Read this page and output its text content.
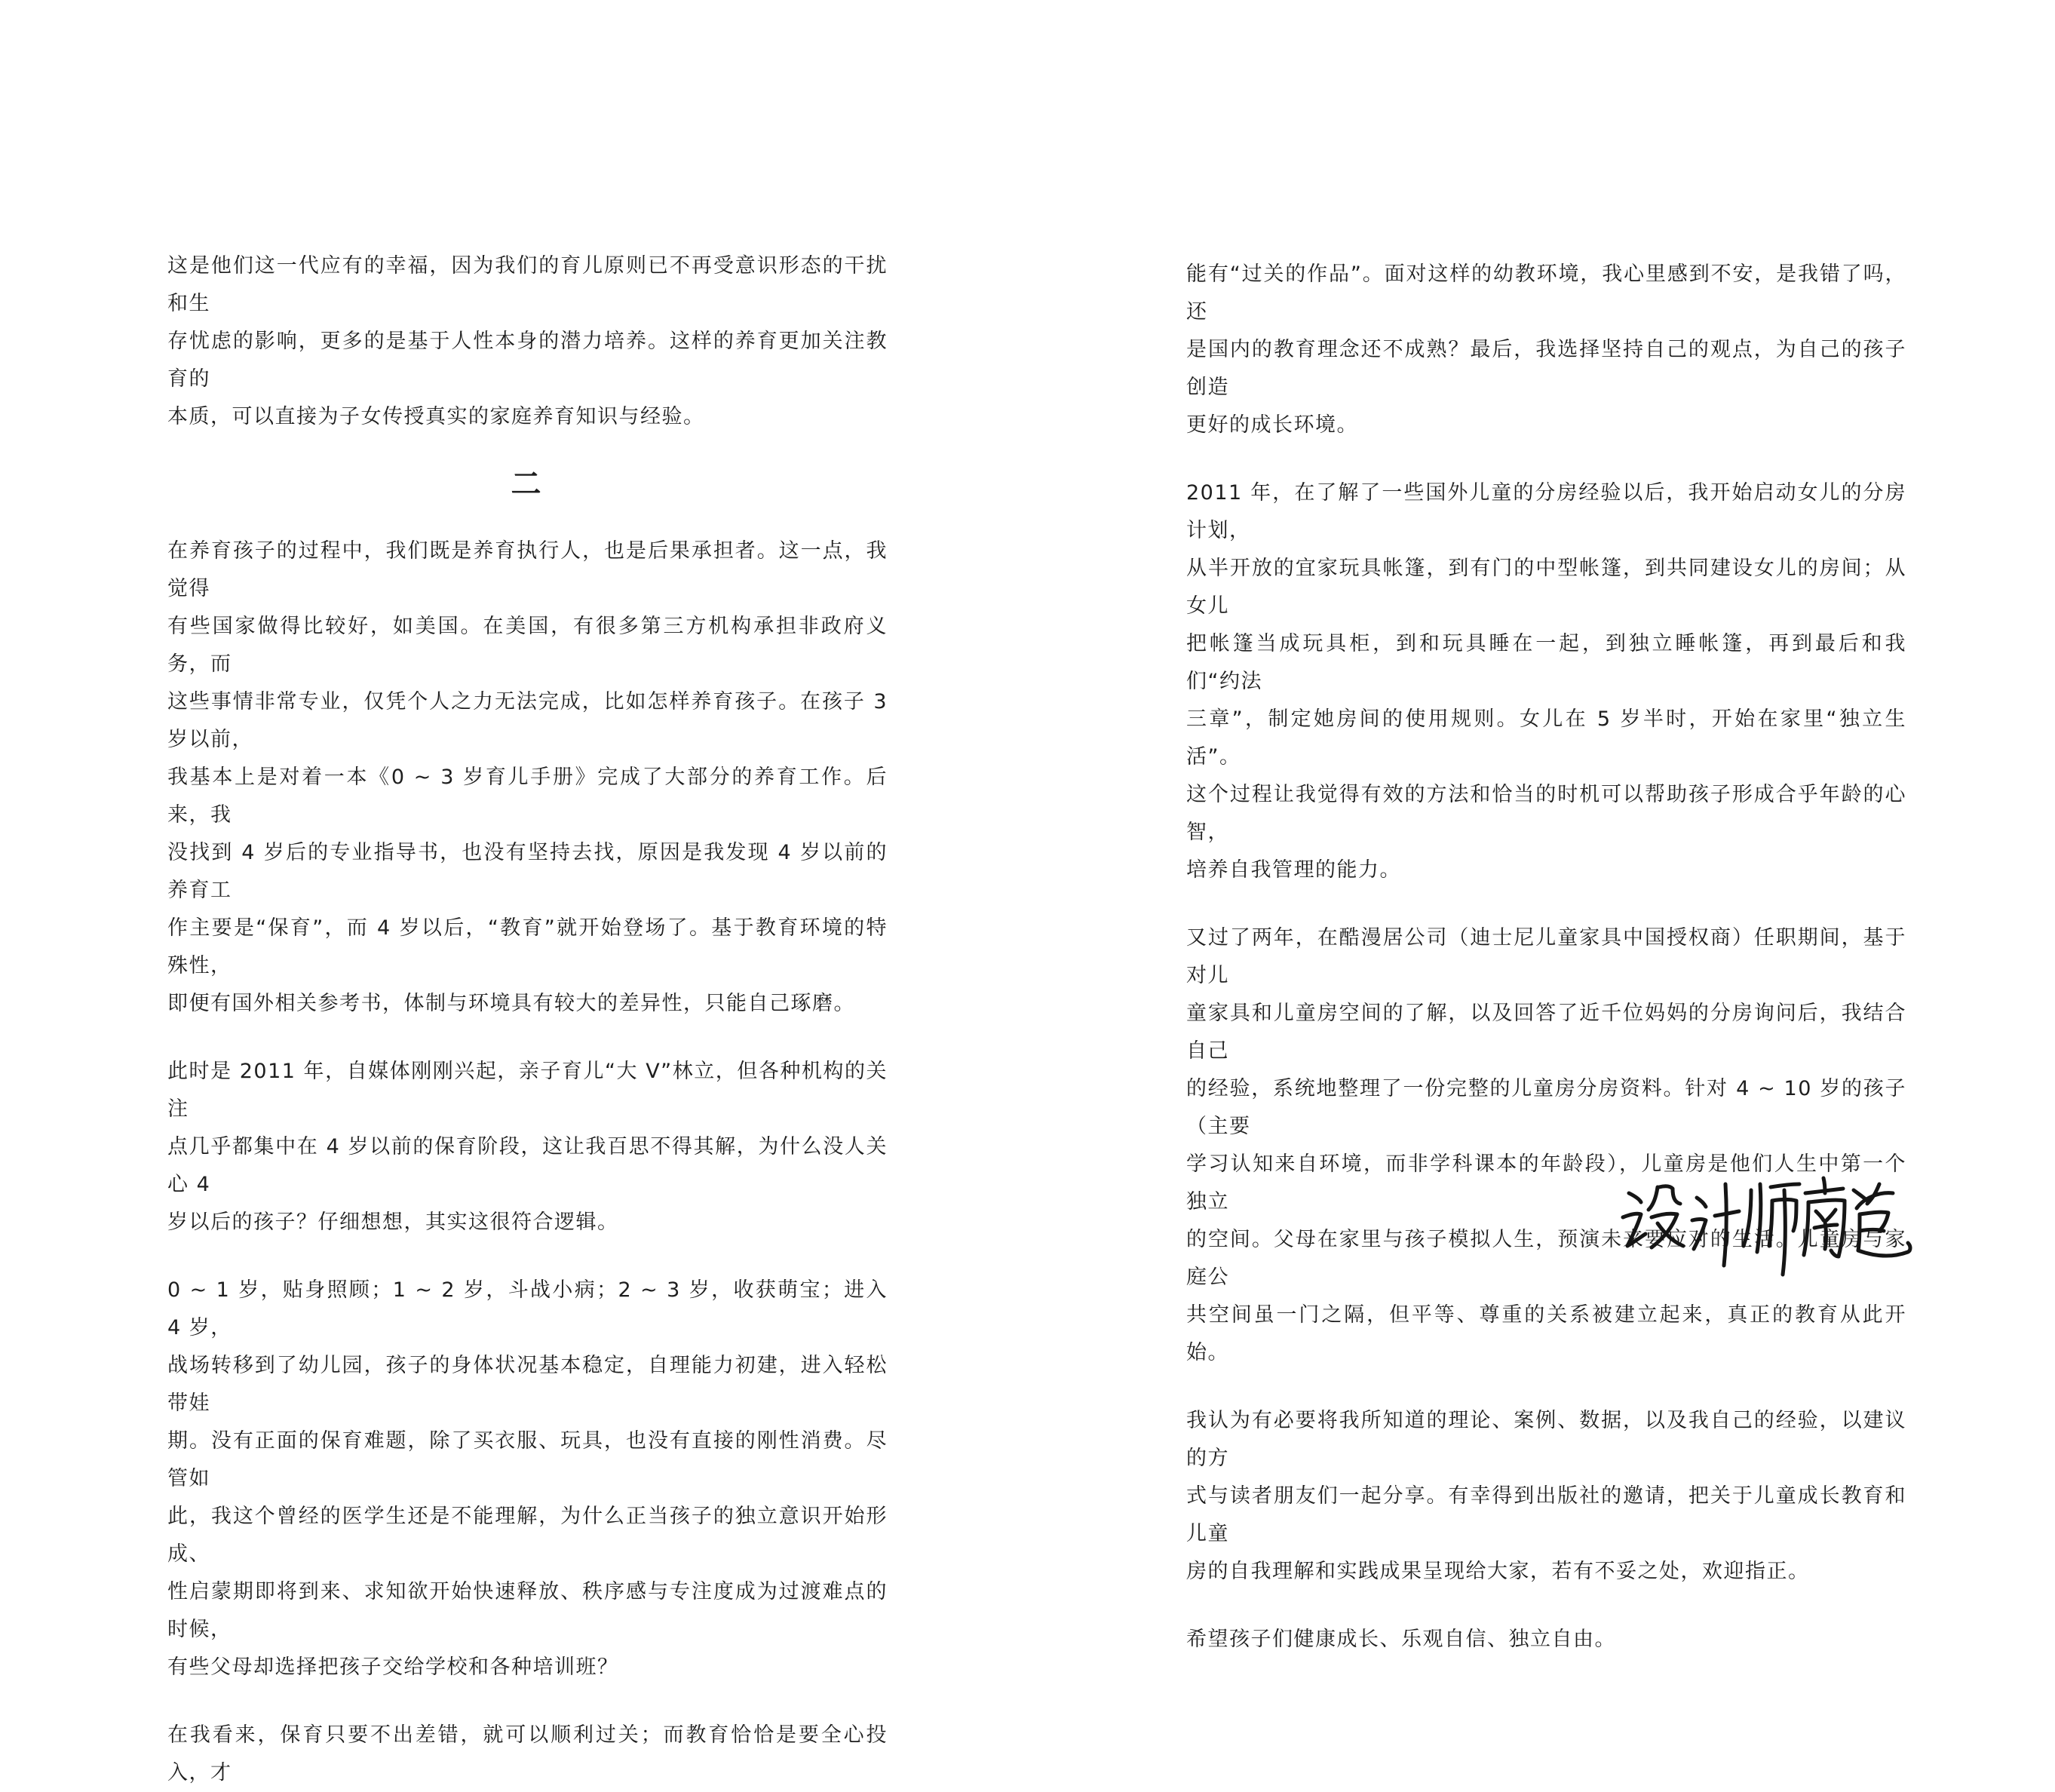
这是他们这一代应有的幸福，因为我们的育儿原则已不再受意识形态的干扰和生
存忧虑的影响，更多的是基于人性本身的潜力培养。这样的养育更加关注教育的
本质，可以直接为子女传授真实的家庭养育知识与经验。

二

在养育孩子的过程中，我们既是养育执行人，也是后果承担者。这一点，我觉得
有些国家做得比较好，如美国。在美国，有很多第三方机构承担非政府义务，而
这些事情非常专业，仅凭个人之力无法完成，比如怎样养育孩子。在孩子 3 岁以前，
我基本上是对着一本《0 ~ 3 岁育儿手册》完成了大部分的养育工作。后来，我
没找到 4 岁后的专业指导书，也没有坚持去找，原因是我发现 4 岁以前的养育工
作主要是“保育”，而 4 岁以后，“教育”就开始登场了。基于教育环境的特殊性，
即便有国外相关参考书，体制与环境具有较大的差异性，只能自己琢磨。

此时是 2011 年，自媒体刚刚兴起，亲子育儿“大 V”林立，但各种机构的关注
点几乎都集中在 4 岁以前的保育阶段，这让我百思不得其解，为什么没人关心 4
岁以后的孩子？仔细想想，其实这很符合逻辑。

0 ~ 1 岁，贴身照顾；1 ~ 2 岁，斗战小病；2 ~ 3 岁，收获萌宝；进入 4 岁，
战场转移到了幼儿园，孩子的身体状况基本稳定，自理能力初建，进入轻松带娃
期。没有正面的保育难题，除了买衣服、玩具，也没有直接的刚性消费。尽管如
此，我这个曾经的医学生还是不能理解，为什么正当孩子的独立意识开始形成、
性启蒙期即将到来、求知欲开始快速释放、秩序感与专注度成为过渡难点的时候，
有些父母却选择把孩子交给学校和各种培训班？

在我看来，保育只要不出差错，就可以顺利过关；而教育恰恰是要全心投入，才

能有“过关的作品”。面对这样的幼教环境，我心里感到不安，是我错了吗，还
是国内的教育理念还不成熟？最后，我选择坚持自己的观点，为自己的孩子创造
更好的成长环境。

2011 年，在了解了一些国外儿童的分房经验以后，我开始启动女儿的分房计划，
从半开放的宜家玩具帐篷，到有门的中型帐篷，到共同建设女儿的房间；从女儿
把帐篷当成玩具柜，到和玩具睡在一起，到独立睡帐篷，再到最后和我们“约法
三章”，制定她房间的使用规则。女儿在 5 岁半时，开始在家里“独立生活”。
这个过程让我觉得有效的方法和恰当的时机可以帮助孩子形成合乎年龄的心智，
培养自我管理的能力。

又过了两年，在酷漫居公司（迪士尼儿童家具中国授权商）任职期间，基于对儿
童家具和儿童房空间的了解，以及回答了近千位妈妈的分房询问后，我结合自己
的经验，系统地整理了一份完整的儿童房分房资料。针对 4 ~ 10 岁的孩子（主要
学习认知来自环境，而非学科课本的年龄段），儿童房是他们人生中第一个独立
的空间。父母在家里与孩子模拟人生，预演未来要应对的生活。儿童房与家庭公
共空间虽一门之隔，但平等、尊重的关系被建立起来，真正的教育从此开始。

我认为有必要将我所知道的理论、案例、数据，以及我自己的经验，以建议的方
式与读者朋友们一起分享。有幸得到出版社的邀请，把关于儿童成长教育和儿童
房的自我理解和实践成果呈现给大家，若有不妥之处，欢迎指正。

希望孩子们健康成长、乐观自信、独立自由。
